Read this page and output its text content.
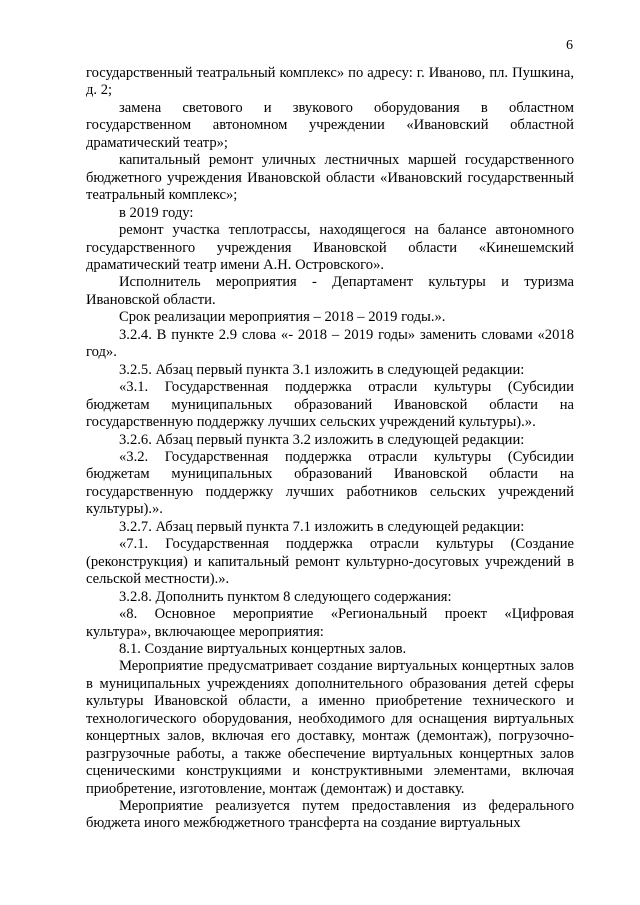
6

государственный театральный комплекс» по адресу: г. Иваново, пл. Пушкина, д. 2;

замена светового и звукового оборудования в областном государственном автономном учреждении «Ивановский областной драматический театр»;

капитальный ремонт уличных лестничных маршей государственного бюджетного учреждения Ивановской области «Ивановский государственный театральный комплекс»;

в 2019 году:

ремонт участка теплотрассы, находящегося на балансе автономного государственного учреждения Ивановской области «Кинешемский драматический театр имени А.Н. Островского».

Исполнитель мероприятия - Департамент культуры и туризма Ивановской области.

Срок реализации мероприятия – 2018 – 2019 годы.».

3.2.4. В пункте 2.9 слова «- 2018 – 2019 годы» заменить словами «2018 год».

3.2.5. Абзац первый пункта 3.1 изложить в следующей редакции:

«3.1. Государственная поддержка отрасли культуры (Субсидии бюджетам муниципальных образований Ивановской области на государственную поддержку лучших сельских учреждений культуры).».

3.2.6. Абзац первый пункта 3.2 изложить в следующей редакции:

«3.2. Государственная поддержка отрасли культуры (Субсидии бюджетам муниципальных образований Ивановской области на государственную поддержку лучших работников сельских учреждений культуры).».

3.2.7. Абзац первый пункта 7.1 изложить в следующей редакции:

«7.1. Государственная поддержка отрасли культуры (Создание (реконструкция) и капитальный ремонт культурно-досуговых учреждений в сельской местности).».

3.2.8. Дополнить пунктом 8 следующего содержания:

«8. Основное мероприятие «Региональный проект «Цифровая культура», включающее мероприятия:

8.1. Создание виртуальных концертных залов.

Мероприятие предусматривает создание виртуальных концертных залов в муниципальных учреждениях дополнительного образования детей сферы культуры Ивановской области, а именно приобретение технического и технологического оборудования, необходимого для оснащения виртуальных концертных залов, включая его доставку, монтаж (демонтаж), погрузочно-разгрузочные работы, а также обеспечение виртуальных концертных залов сценическими конструкциями и конструктивными элементами, включая приобретение, изготовление, монтаж (демонтаж) и доставку.

Мероприятие реализуется путем предоставления из федерального бюджета иного межбюджетного трансферта на создание виртуальных
